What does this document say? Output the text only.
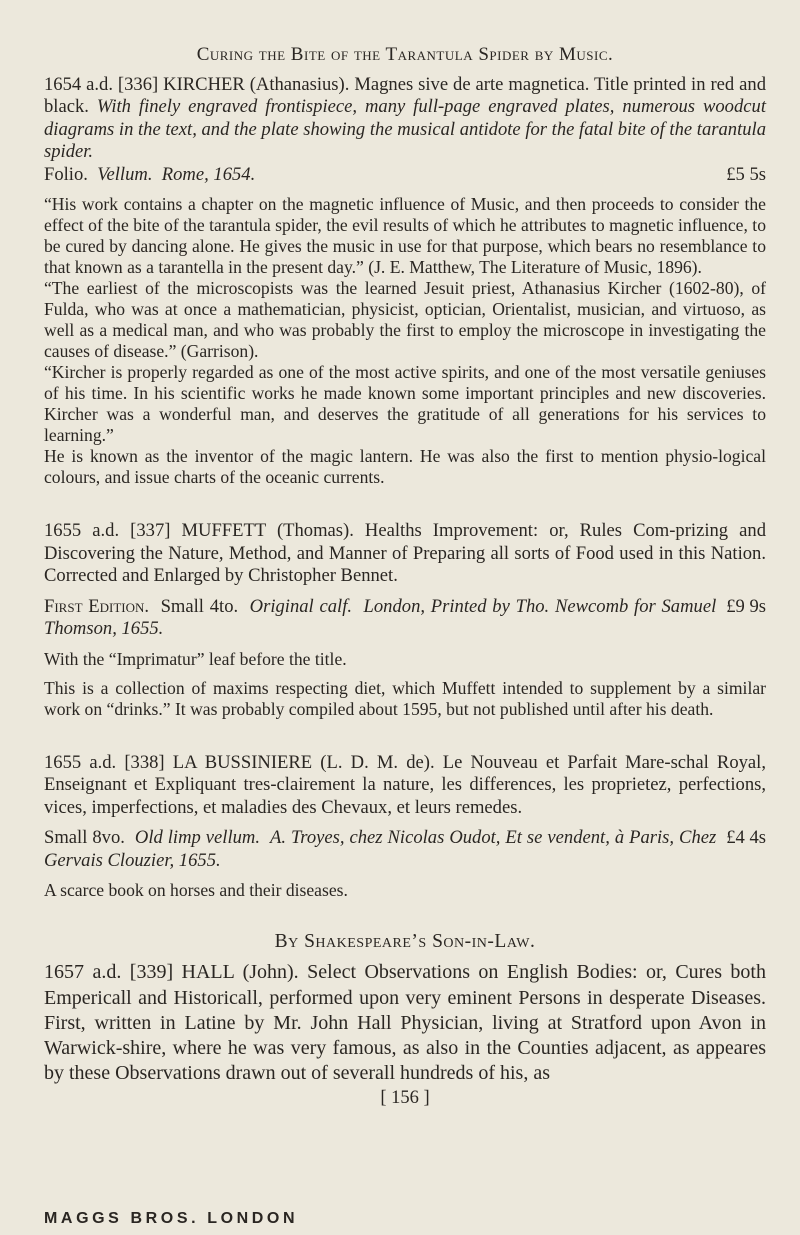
Curing the Bite of the Tarantula Spider by Music.

1654 a.d. [336] KIRCHER (Athanasius). Magnes sive de arte magnetica. Title printed in red and black. With finely engraved frontispiece, many full-page engraved plates, numerous woodcut diagrams in the text, and the plate showing the musical antidote for the fatal bite of the tarantula spider.

Folio. Vellum. Rome, 1654.	£5 5s

“His work contains a chapter on the magnetic influence of Music, and then proceeds to consider the effect of the bite of the tarantula spider, the evil results of which he attributes to magnetic influence, to be cured by dancing alone. He gives the music in use for that purpose, which bears no resemblance to that known as a tarantella in the present day.” (J. E. Matthew, The Literature of Music, 1896).

“The earliest of the microscopists was the learned Jesuit priest, Athanasius Kircher (1602-80), of Fulda, who was at once a mathematician, physicist, optician, Orientalist, musician, and virtuoso, as well as a medical man, and who was probably the first to employ the microscope in investigating the causes of disease.” (Garrison).

“Kircher is properly regarded as one of the most active spirits, and one of the most versatile geniuses of his time. In his scientific works he made known some important principles and new discoveries. Kircher was a wonderful man, and deserves the gratitude of all generations for his services to learning.”

He is known as the inventor of the magic lantern. He was also the first to mention physio-logical colours, and issue charts of the oceanic currents.

1655 a.d. [337] MUFFETT (Thomas). Healths Improvement: or, Rules Com-prizing and Discovering the Nature, Method, and Manner of Preparing all sorts of Food used in this Nation. Corrected and Enlarged by Christopher Bennet.

First Edition. Small 4to. Original calf. London, Printed by Tho. Newcomb for Samuel Thomson, 1655.
£9 9s

With the “Imprimatur” leaf before the title.

This is a collection of maxims respecting diet, which Muffett intended to supplement by a similar work on “drinks.” It was probably compiled about 1595, but not published until after his death.

1655 a.d. [338] LA BUSSINIERE (L. D. M. de). Le Nouveau et Parfait Mare-schal Royal, Enseignant et Expliquant tres-clairement la nature, les differences, les proprietez, perfections, vices, imperfections, et maladies des Chevaux, et leurs remedes.

Small 8vo. Old limp vellum. A. Troyes, chez Nicolas Oudot, Et se vendent, à Paris, Chez Gervais Clouzier, 1655.
£4 4s

A scarce book on horses and their diseases.

By Shakespeare’s Son-in-Law.

1657 a.d. [339] HALL (John). Select Observations on English Bodies: or, Cures both Empericall and Historicall, performed upon very eminent Persons in desperate Diseases. First, written in Latine by Mr. John Hall Physician, living at Stratford upon Avon in Warwick-shire, where he was very famous, as also in the Counties adjacent, as appeares by these Observations drawn out of severall hundreds of his, as

[ 156 ]
MAGGS BROS. LONDON
